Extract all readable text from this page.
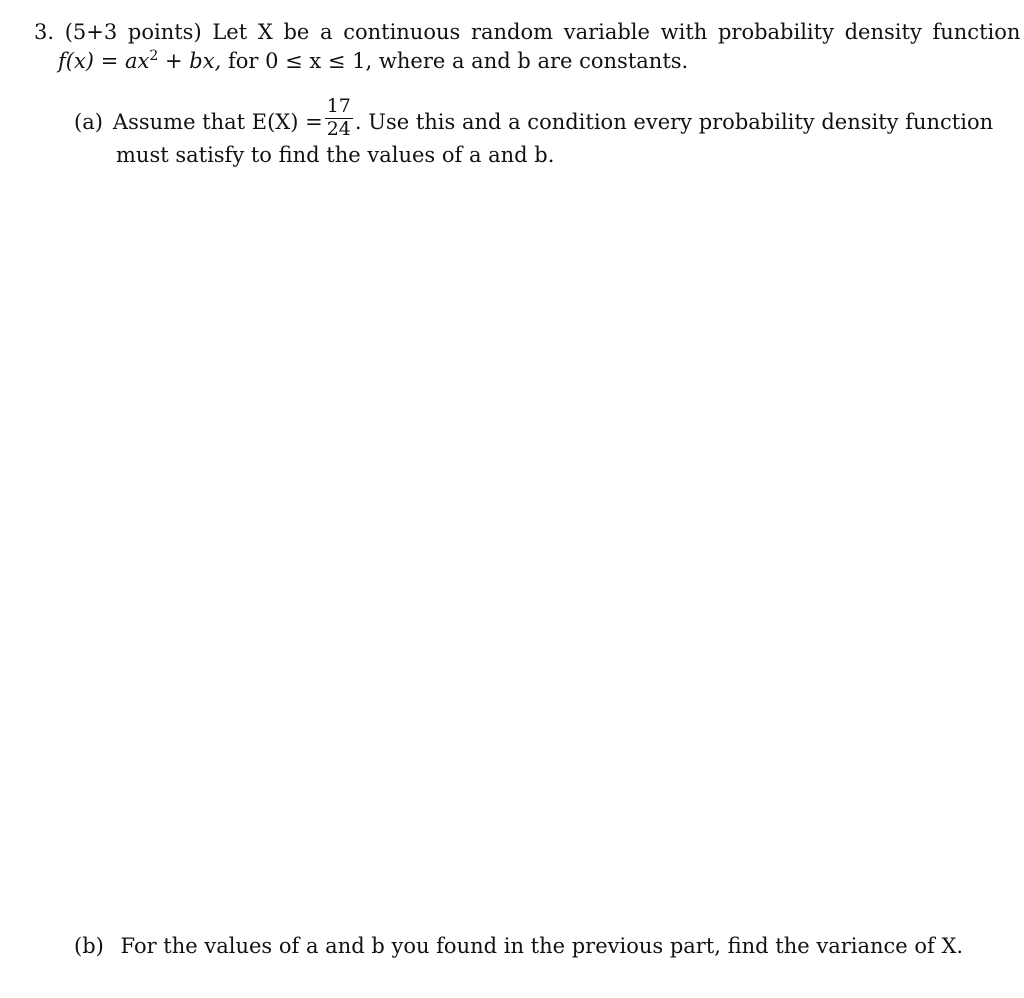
3. (5+3 points) Let X be a continuous random variable with probability density function
$f(x) = ax^2$ + bx, for 0 ≤ x ≤ 1, where a and b are constants.
(a) Assume that $E(X) = \frac{17}{24}$ . Use this and a condition every probability density function
must satisfy to find the values of a and b.
(b) For the values of a and b you found in the previous part, find the variance of X.
